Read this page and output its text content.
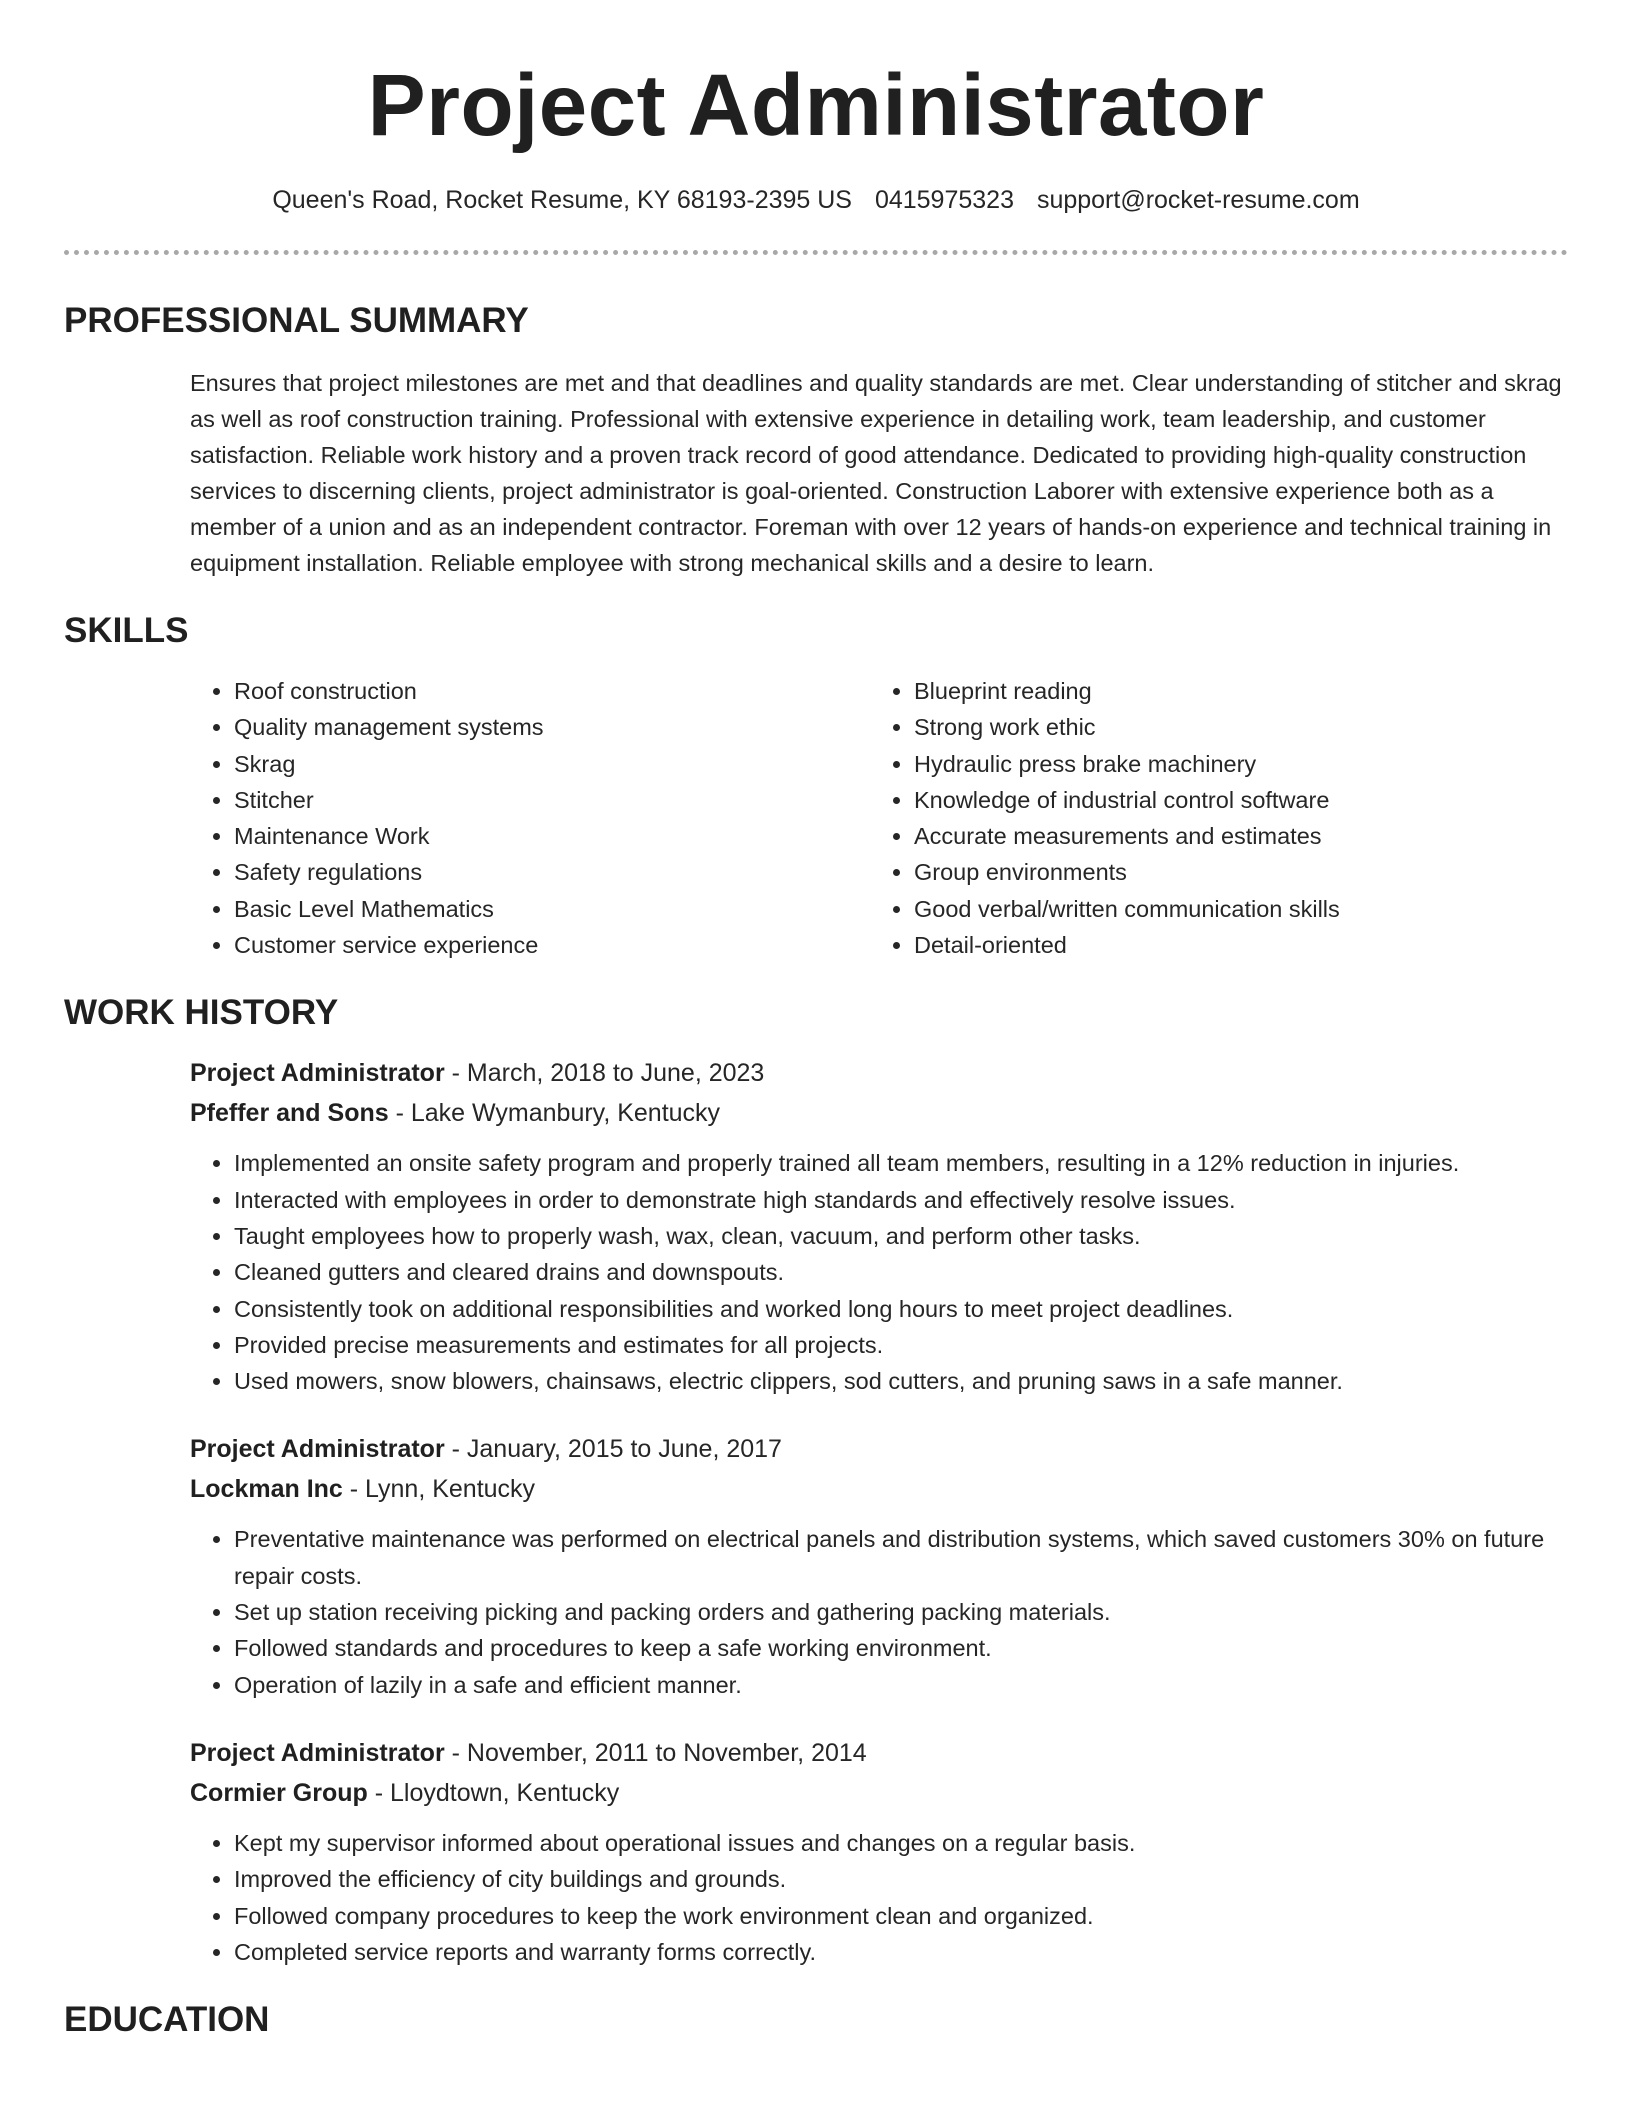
Project Administrator
Queen's Road, Rocket Resume, KY 68193-2395 US 0415975323 support@rocket-resume.com
PROFESSIONAL SUMMARY

Ensures that project milestones are met and that deadlines and quality standards are met. Clear understanding of stitcher and skrag as well as roof construction training. Professional with extensive experience in detailing work, team leadership, and customer satisfaction. Reliable work history and a proven track record of good attendance. Dedicated to providing high-quality construction services to discerning clients, project administrator is goal-oriented. Construction Laborer with extensive experience both as a member of a union and as an independent contractor. Foreman with over 12 years of hands-on experience and technical training in equipment installation. Reliable employee with strong mechanical skills and a desire to learn.

SKILLS
• Roof construction
• Quality management systems
• Skrag
• Stitcher
• Maintenance Work
• Safety regulations
• Basic Level Mathematics
• Customer service experience
• Blueprint reading
• Strong work ethic
• Hydraulic press brake machinery
• Knowledge of industrial control software
• Accurate measurements and estimates
• Group environments
• Good verbal/written communication skills
• Detail-oriented
WORK HISTORY
Project Administrator - March, 2018 to June, 2023
Pfeffer and Sons - Lake Wymanbury, Kentucky
• Implemented an onsite safety program and properly trained all team members, resulting in a 12% reduction in injuries.
• Interacted with employees in order to demonstrate high standards and effectively resolve issues.
• Taught employees how to properly wash, wax, clean, vacuum, and perform other tasks.
• Cleaned gutters and cleared drains and downspouts.
• Consistently took on additional responsibilities and worked long hours to meet project deadlines.
• Provided precise measurements and estimates for all projects.
• Used mowers, snow blowers, chainsaws, electric clippers, sod cutters, and pruning saws in a safe manner.
Project Administrator - January, 2015 to June, 2017
Lockman Inc - Lynn, Kentucky
• Preventative maintenance was performed on electrical panels and distribution systems, which saved customers 30% on future repair costs.
• Set up station receiving picking and packing orders and gathering packing materials.
• Followed standards and procedures to keep a safe working environment.
• Operation of lazily in a safe and efficient manner.
Project Administrator - November, 2011 to November, 2014
Cormier Group - Lloydtown, Kentucky
• Kept my supervisor informed about operational issues and changes on a regular basis.
• Improved the efficiency of city buildings and grounds.
• Followed company procedures to keep the work environment clean and organized.
• Completed service reports and warranty forms correctly.
EDUCATION
